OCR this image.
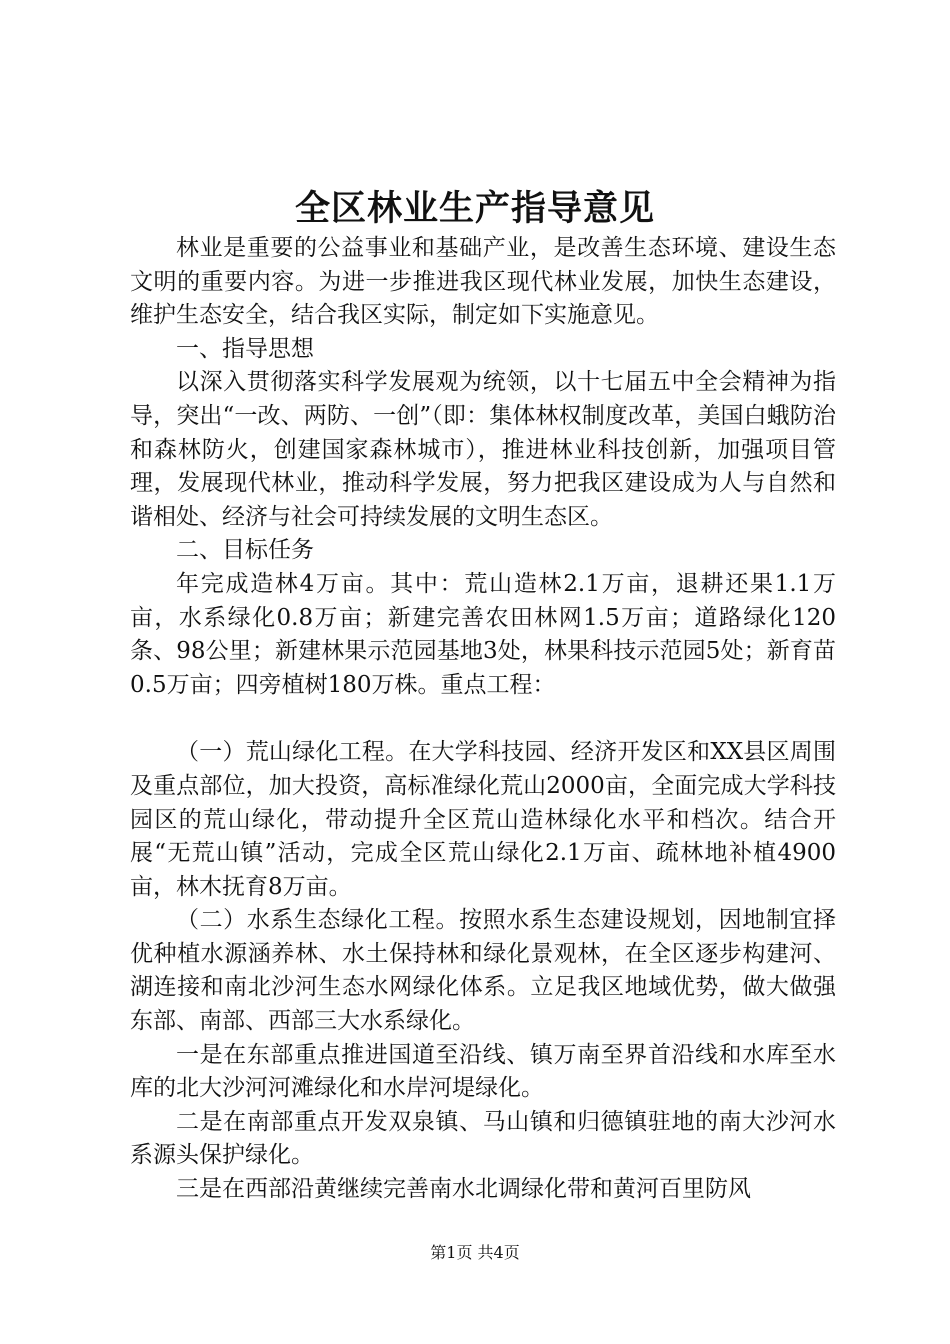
全区林业生产指导意见

林业是重要的公益事业和基础产业，是改善生态环境、建设生态文明的重要内容。为进一步推进我区现代林业发展，加快生态建设，维护生态安全，结合我区实际，制定如下实施意见。

一、指导思想

以深入贯彻落实科学发展观为统领，以十七届五中全会精神为指导，突出“一改、两防、一创”（即：集体林权制度改革，美国白蛾防治和森林防火，创建国家森林城市），推进林业科技创新，加强项目管理，发展现代林业，推动科学发展，努力把我区建设成为人与自然和谐相处、经济与社会可持续发展的文明生态区。

二、目标任务

年完成造林4万亩。其中：荒山造林2.1万亩，退耕还果1.1万亩，水系绿化0.8万亩；新建完善农田林网1.5万亩；道路绿化120条、98公里；新建林果示范园基地3处，林果科技示范园5处；新育苗0.5万亩；四旁植树180万株。重点工程：

（一）荒山绿化工程。在大学科技园、经济开发区和XX县区周围及重点部位，加大投资，高标准绿化荒山2000亩，全面完成大学科技园区的荒山绿化，带动提升全区荒山造林绿化水平和档次。结合开展“无荒山镇”活动，完成全区荒山绿化2.1万亩、疏林地补植4900亩，林木抚育8万亩。

（二）水系生态绿化工程。按照水系生态建设规划，因地制宜择优种植水源涵养林、水土保持林和绿化景观林，在全区逐步构建河、湖连接和南北沙河生态水网绿化体系。立足我区地域优势，做大做强东部、南部、西部三大水系绿化。

一是在东部重点推进国道至沿线、镇万南至界首沿线和水库至水库的北大沙河河滩绿化和水岸河堤绿化。

二是在南部重点开发双泉镇、马山镇和归德镇驻地的南大沙河水系源头保护绿化。

三是在西部沿黄继续完善南水北调绿化带和黄河百里防风

第1页 共4页
